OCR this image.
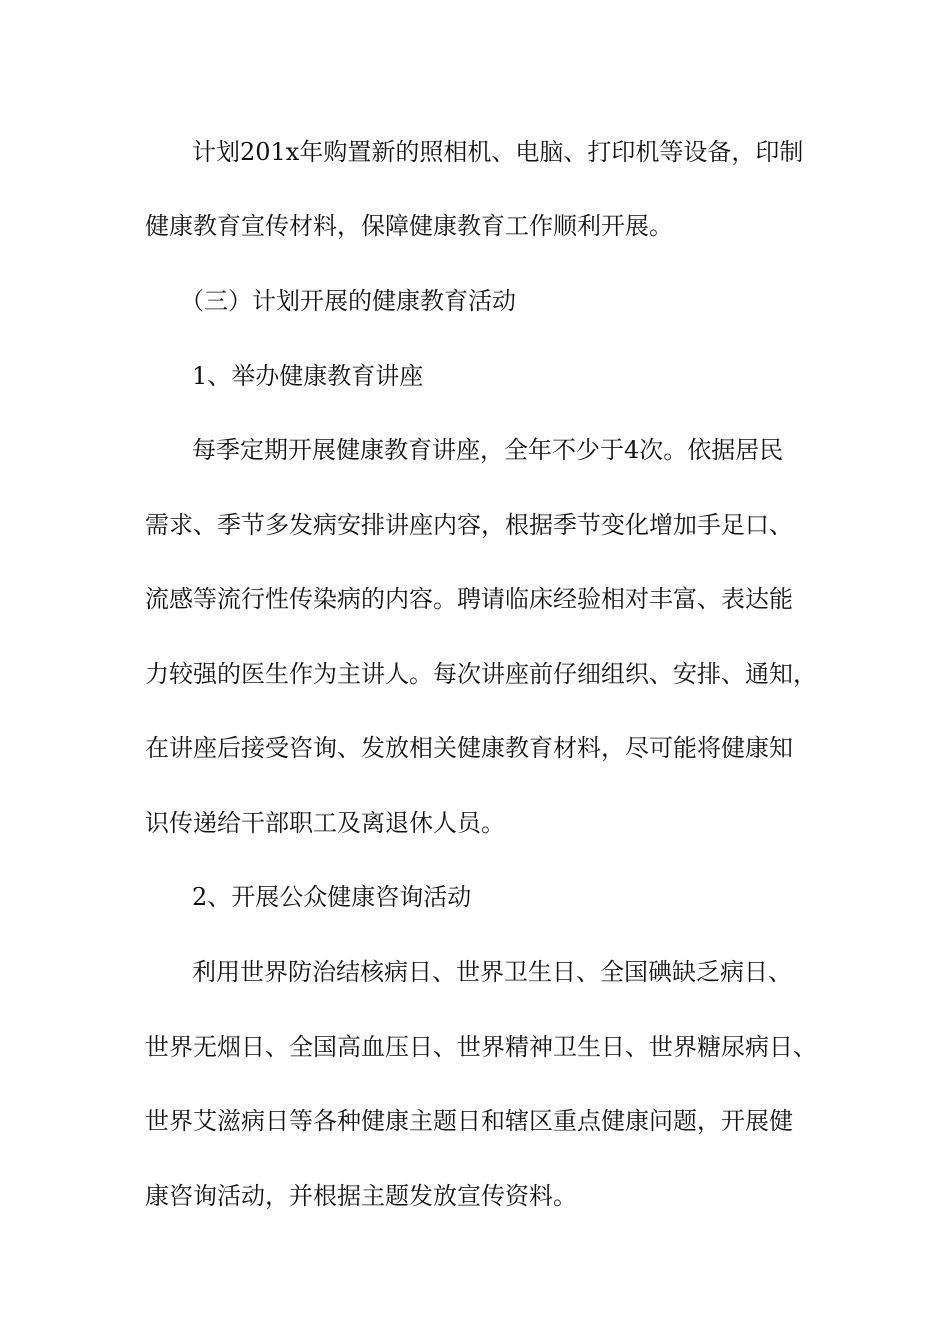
计划201x年购置新的照相机、电脑、打印机等设备，印制

健康教育宣传材料，保障健康教育工作顺利开展。

（三）计划开展的健康教育活动

1、举办健康教育讲座

每季定期开展健康教育讲座，全年不少于4次。依据居民

需求、季节多发病安排讲座内容，根据季节变化增加手足口、

流感等流行性传染病的内容。聘请临床经验相对丰富、表达能

力较强的医生作为主讲人。每次讲座前仔细组织、安排、通知，

在讲座后接受咨询、发放相关健康教育材料，尽可能将健康知

识传递给干部职工及离退休人员。

2、开展公众健康咨询活动

利用世界防治结核病日、世界卫生日、全国碘缺乏病日、

世界无烟日、全国高血压日、世界精神卫生日、世界糖尿病日、

世界艾滋病日等各种健康主题日和辖区重点健康问题，开展健

康咨询活动，并根据主题发放宣传资料。
